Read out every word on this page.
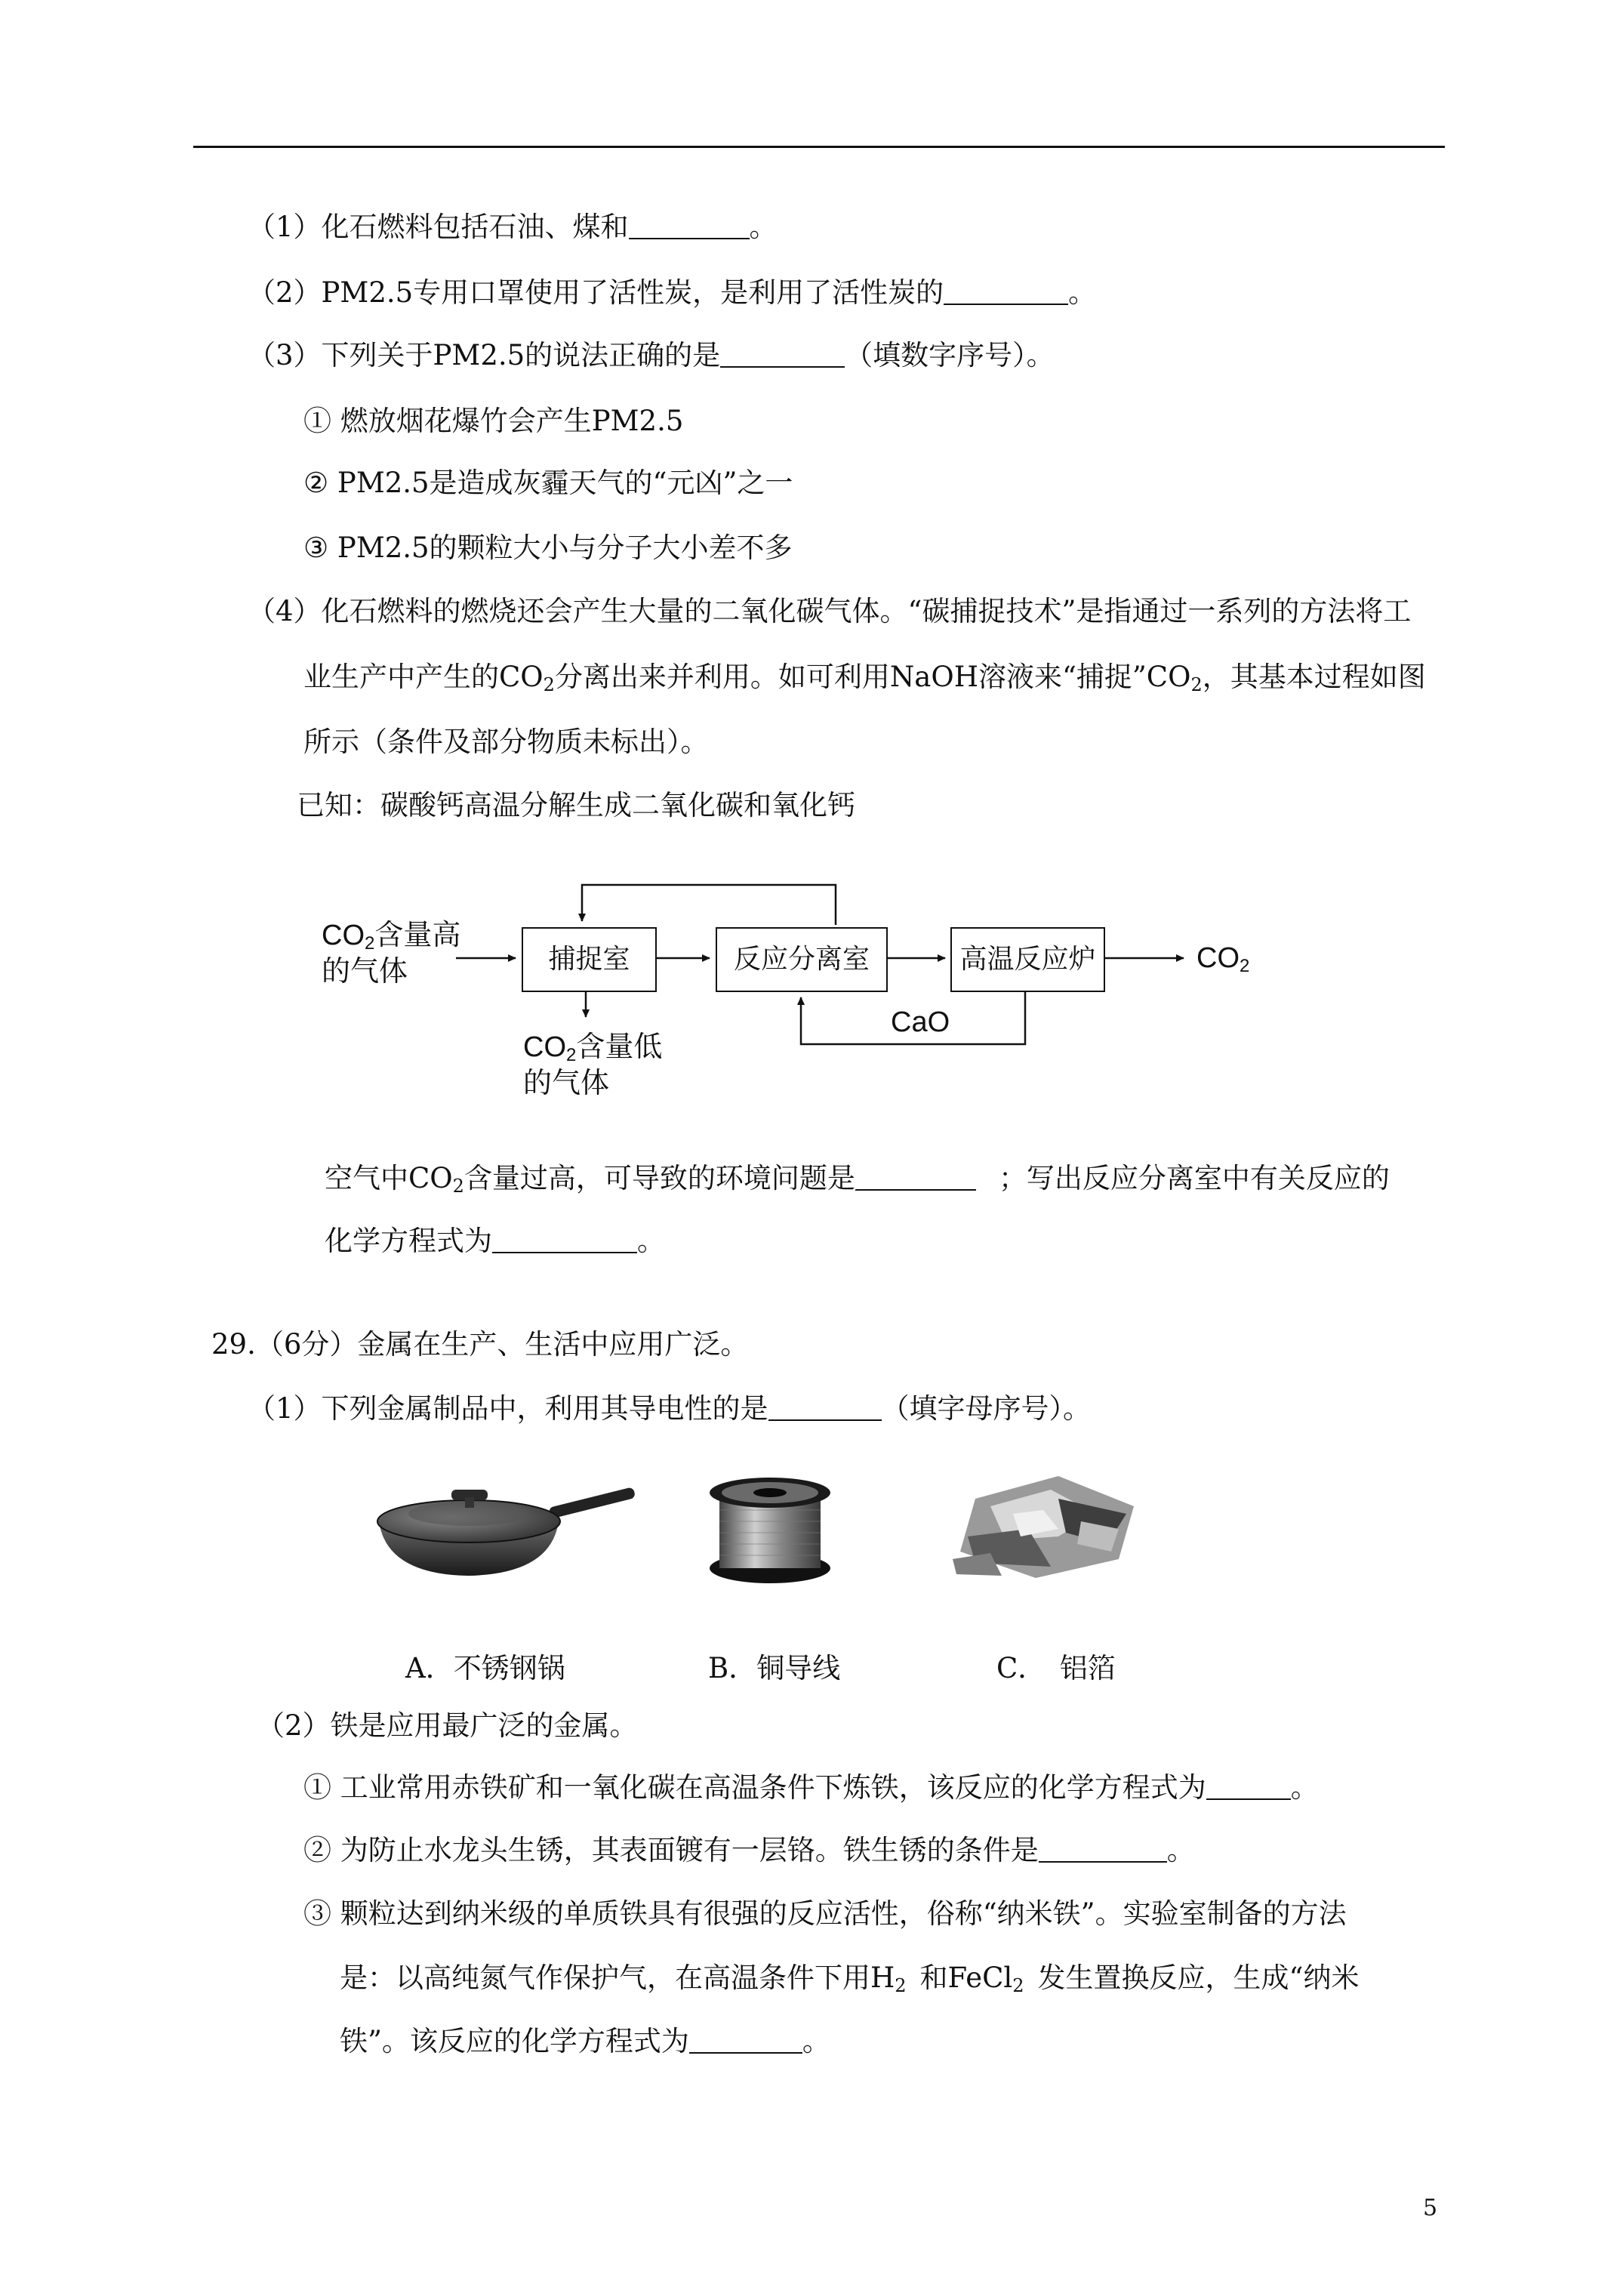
（1）化石燃料包括石油、煤和	。
（2）PM2.5专用口罩使用了活性炭，是利用了活性炭的	。
（3）下列关于PM2.5的说法正确的是	（填数字序号）。
① 燃放烟花爆竹会产生PM2.5
② PM2.5是造成灰霾天气的“元凶”之一
③ PM2.5的颗粒大小与分子大小差不多
（4）化石燃料的燃烧还会产生大量的二氧化碳气体。“碳捕捉技术”是指通过一系列的方法将工
业生产中产生的$CO_2$分离出来并利用。如可利用NaOH溶液来“捕捉$”CO_2$，其基本过程如图
所示（条件及部分物质未标出）。
已知：碳酸钙高温分解生成二氧化碳和氧化钙
捕捉室	反应分离室	高温反应炉
$CO_2$含量高
的气体	$CO_2$
CaO
$CO_2$含量低
的气体
空气中$CO_2$含量过高，可导致的环境问题是	；写出反应分离室中有关反应的
化学方程式为	。
29.（6分）金属在生产、生活中应用广泛。
（1）下列金属制品中，利用其导电性的是	（填字母序号）。
A．不锈钢锅	B．铜导线	C．　铝箔
（2）铁是应用最广泛的金属。
① 工业常用赤铁矿和一氧化碳在高温条件下炼铁，该反应的化学方程式为	。
② 为防止水龙头生锈，其表面镀有一层铬。铁生锈的条件是	。
③ 颗粒达到纳米级的单质铁具有很强的反应活性，俗称“纳米铁”。实验室制备的方法
是：以高纯氮气作保护气，在高温条件下用$H_2$ 和FeCl$_2$ 发生置换反应，生成“纳米
铁”。该反应的化学方程式为	。
5
